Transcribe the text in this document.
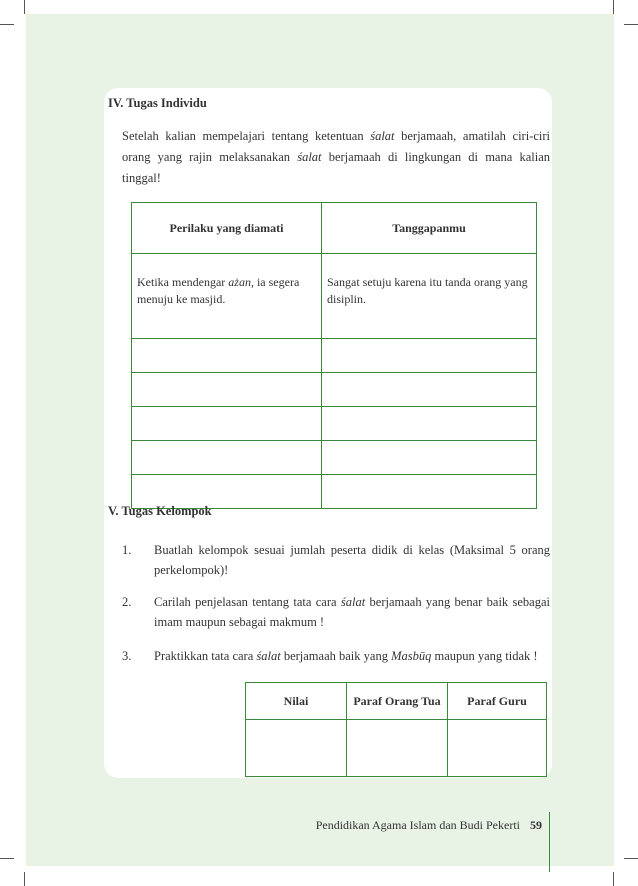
IV. Tugas Individu
Setelah kalian mempelajari tentang ketentuan śalat berjamaah, amatilah ciri-ciri orang yang rajin melaksanakan śalat berjamaah di lingkungan di mana kalian tinggal!
Perilaku yang diamati	Tanggapanmu
Ketika mendengar ażan, ia segera menuju ke masjid.	Sangat setuju karena itu tanda orang yang disiplin.

V. Tugas Kelompok
1. Buatlah kelompok sesuai jumlah peserta didik di kelas (Maksimal 5 orang perkelompok)!
2. Carilah penjelasan tentang tata cara śalat berjamaah yang benar baik sebagai imam maupun sebagai makmum !
3. Praktikkan tata cara śalat berjamaah baik yang Masbūq maupun yang tidak !
Nilai	Paraf Orang Tua	Paraf Guru

Pendidikan Agama Islam dan Budi Pekerti 59
